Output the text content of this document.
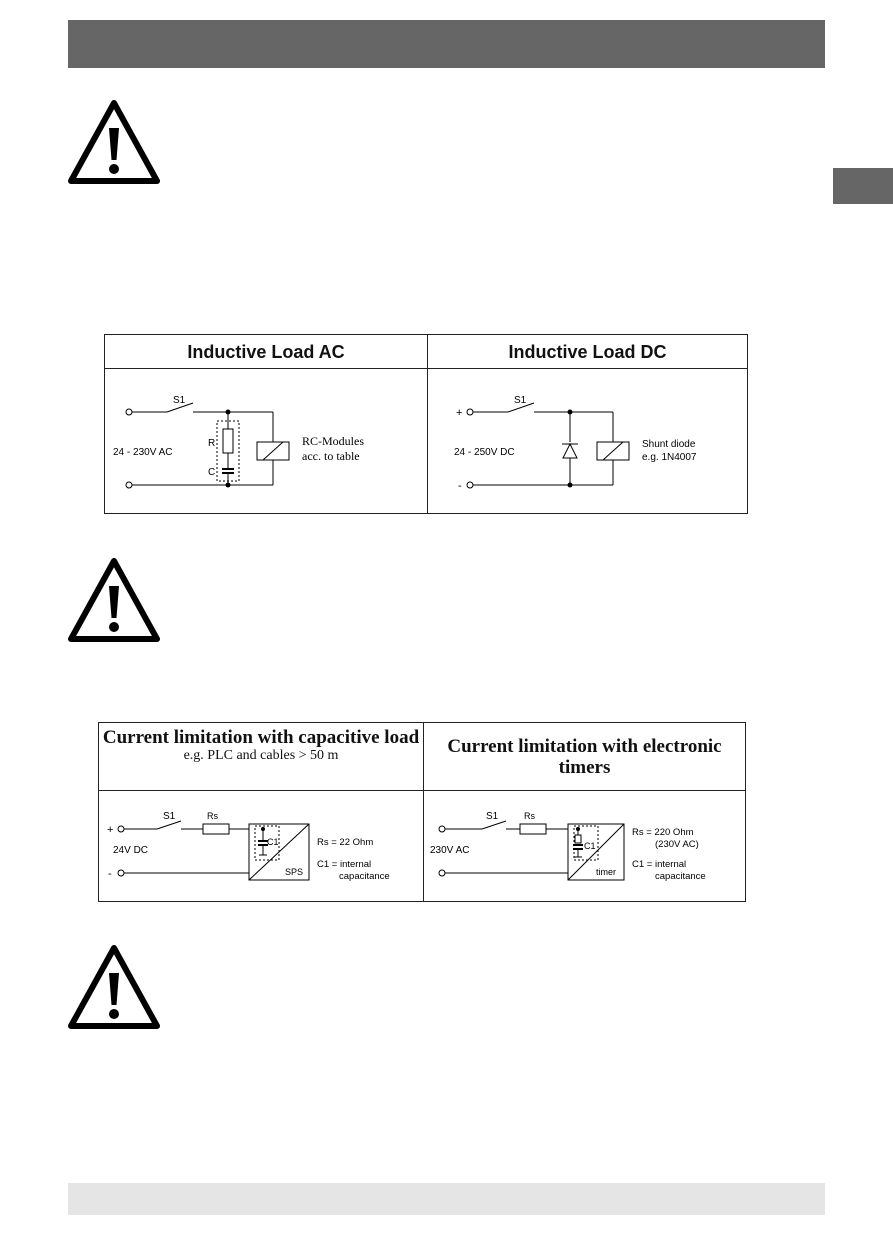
Inductive Load AC
S1
24 - 230V AC
R
C
RC-Modules
acc. to table
Inductive Load DC
+
-
S1
24 - 250V DC
Shunt diode
e.g. 1N4007
Current limitation with capacitive load
e.g. PLC and cables > 50 m
+
-
S1	Rs
24V DC
C1
SPS
Rs = 22 Ohm
C1 = internal
capacitance
Current limitation with electronic timers
S1	Rs
230V AC	C1
timer
Rs = 220 Ohm
(230V AC)
C1 = internal
capacitance
